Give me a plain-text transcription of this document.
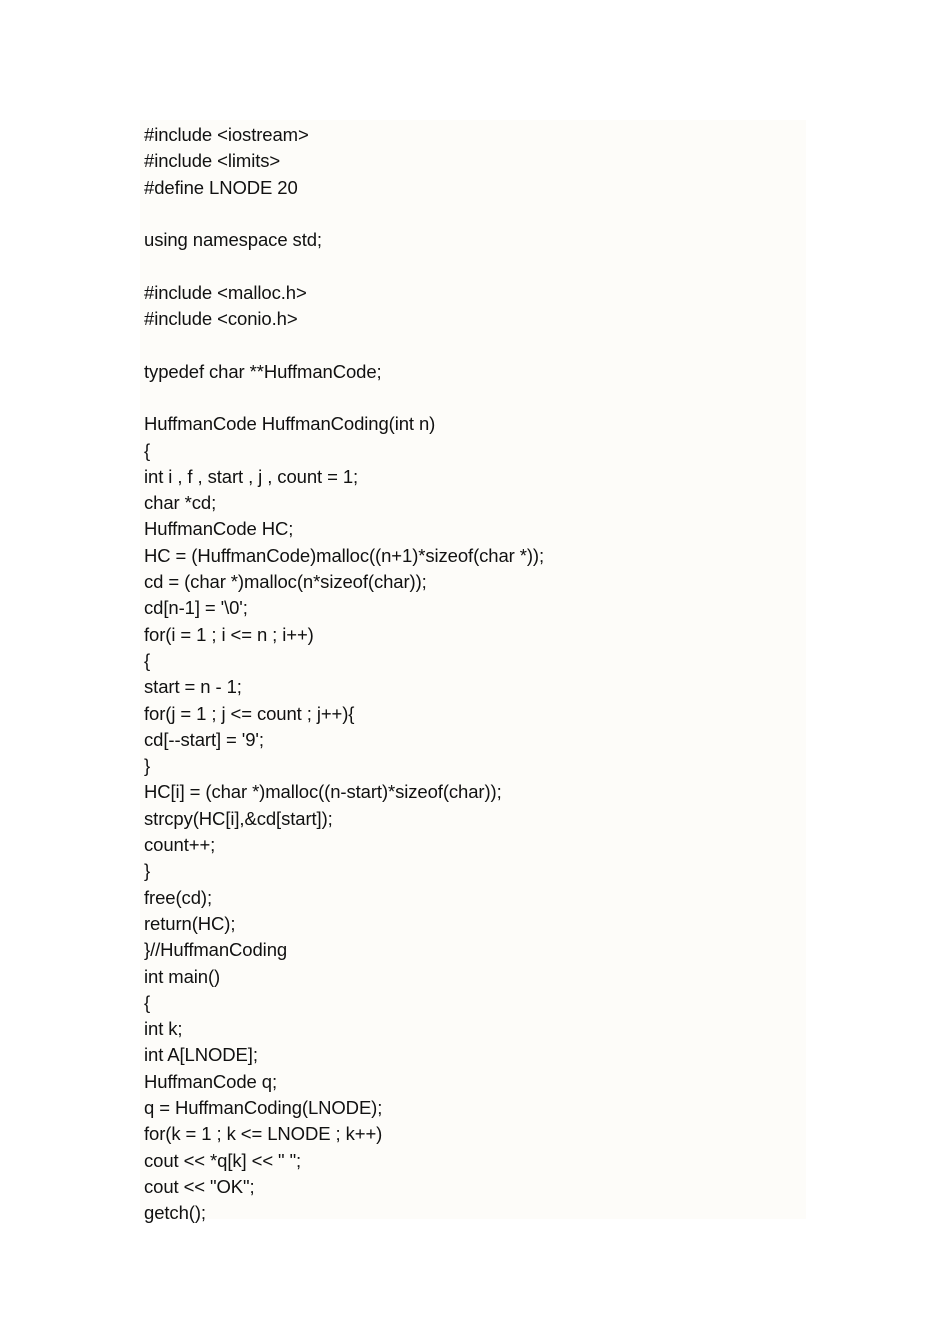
#include <iostream>
#include <limits>
#define LNODE 20
using namespace std;
#include <malloc.h>
#include <conio.h>
typedef char **HuffmanCode;
HuffmanCode HuffmanCoding(int n)
{
int i , f , start , j , count = 1;
char *cd;
HuffmanCode HC;
HC = (HuffmanCode)malloc((n+1)*sizeof(char *));
cd = (char *)malloc(n*sizeof(char));
cd[n-1] = '\0';
for(i = 1 ; i <= n ; i++)
{
start = n - 1;
for(j = 1 ; j <= count ; j++){
cd[--start] = '9';
}
HC[i] = (char *)malloc((n-start)*sizeof(char));
strcpy(HC[i],&cd[start]);
count++;
}
free(cd);
return(HC);
}//HuffmanCoding
int main()
{
int k;
int A[LNODE];
HuffmanCode q;
q = HuffmanCoding(LNODE);
for(k = 1 ; k <= LNODE ; k++)
cout << *q[k] << " ";
cout << "OK";
getch();
